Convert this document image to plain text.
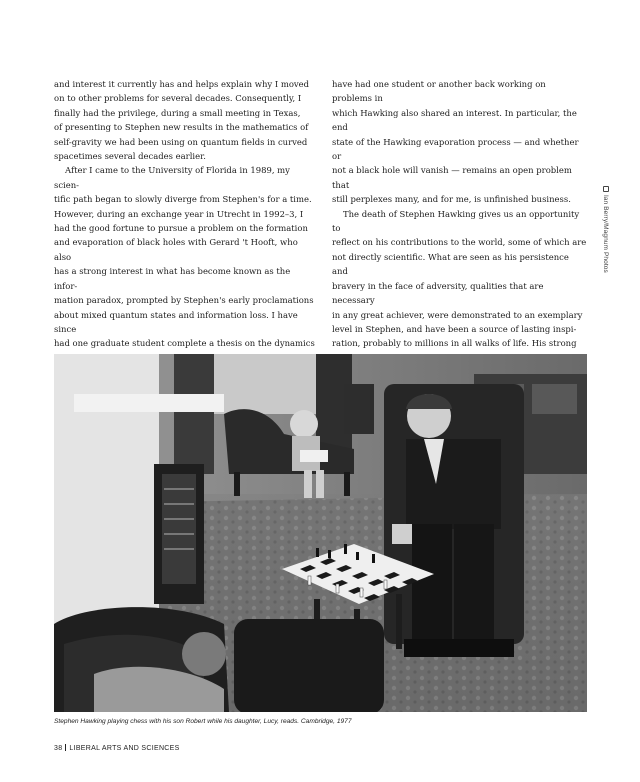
and interest it currently has and helps explain why I moved
on to other problems for several decades. Consequently, I
finally had the privilege, during a small meeting in Texas,
of presenting to Stephen new results in the mathematics of
self-gravity we had been using on quantum fields in curved
spacetimes several decades earlier.

After I came to the University of Florida in 1989, my scien-
tific path began to slowly diverge from Stephen's for a time.
However, during an exchange year in Utrecht in 1992–3, I
had the good fortune to pursue a problem on the formation
and evaporation of black holes with Gerard 't Hooft, who also
has a strong interest in what has become known as the infor-
mation paradox, prompted by Stephen's early proclamations
about mixed quantum states and information loss. I have since
had one graduate student complete a thesis on the dynamics

have had one student or another back working on problems in
which Hawking also shared an interest. In particular, the end
state of the Hawking evaporation process — and whether or
not a black hole will vanish — remains an open problem that
still perplexes many, and for me, is unfinished business.

The death of Stephen Hawking gives us an opportunity to
reflect on his contributions to the world, some of which are
not directly scientific. What are seen as his persistence and
bravery in the face of adversity, qualities that are necessary
in any great achiever, were demonstrated to an exemplary
level in Stephen, and have been a source of lasting inspi-
ration, probably to millions in all walks of life. His strong

Ian Berry/Magnum Photos
Stephen Hawking playing chess with his son Robert while his daughter, Lucy, reads. Cambridge, 1977
38 LIBERAL ARTS AND SCIENCES
